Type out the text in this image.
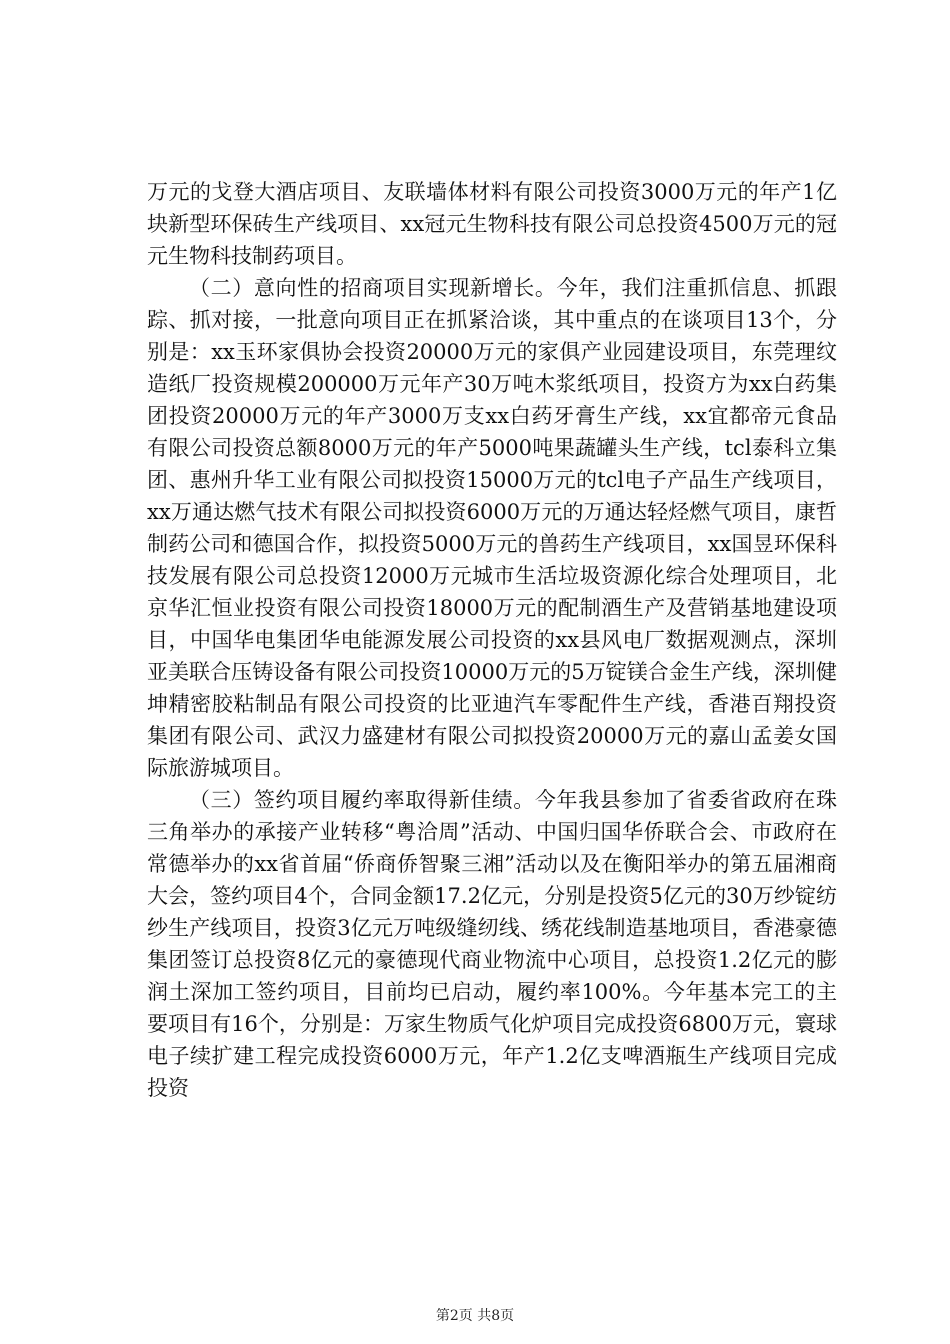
万元的戈登大酒店项目、友联墙体材料有限公司投资3000万元的年产1亿块新型环保砖生产线项目、xx冠元生物科技有限公司总投资4500万元的冠元生物科技制药项目。

（二）意向性的招商项目实现新增长。今年，我们注重抓信息、抓跟踪、抓对接，一批意向项目正在抓紧洽谈，其中重点的在谈项目13个，分别是：xx玉环家俱协会投资20000万元的家俱产业园建设项目，东莞理纹造纸厂投资规模200000万元年产30万吨木浆纸项目，投资方为xx白药集团投资20000万元的年产3000万支xx白药牙膏生产线，xx宜都帝元食品有限公司投资总额8000万元的年产5000吨果蔬罐头生产线，tcl泰科立集团、惠州升华工业有限公司拟投资15000万元的tcl电子产品生产线项目，xx万通达燃气技术有限公司拟投资6000万元的万通达轻烃燃气项目，康哲制药公司和德国合作，拟投资5000万元的兽药生产线项目，xx国昱环保科技发展有限公司总投资12000万元城市生活垃圾资源化综合处理项目，北京华汇恒业投资有限公司投资18000万元的配制酒生产及营销基地建设项目，中国华电集团华电能源发展公司投资的xx县风电厂数据观测点，深圳亚美联合压铸设备有限公司投资10000万元的5万锭镁合金生产线，深圳健坤精密胶粘制品有限公司投资的比亚迪汽车零配件生产线，香港百翔投资集团有限公司、武汉力盛建材有限公司拟投资20000万元的嘉山孟姜女国际旅游城项目。

（三）签约项目履约率取得新佳绩。今年我县参加了省委省政府在珠三角举办的承接产业转移“粤洽周”活动、中国归国华侨联合会、市政府在常德举办的xx省首届“侨商侨智聚三湘”活动以及在衡阳举办的第五届湘商大会，签约项目4个，合同金额17.2亿元，分别是投资5亿元的30万纱锭纺纱生产线项目，投资3亿元万吨级缝纫线、绣花线制造基地项目，香港豪德集团签订总投资8亿元的豪德现代商业物流中心项目，总投资1.2亿元的膨润土深加工签约项目，目前均已启动，履约率100%。今年基本完工的主要项目有16个，分别是：万家生物质气化炉项目完成投资6800万元，寰球电子续扩建工程完成投资6000万元，年产1.2亿支啤酒瓶生产线项目完成投资

第2页 共8页
